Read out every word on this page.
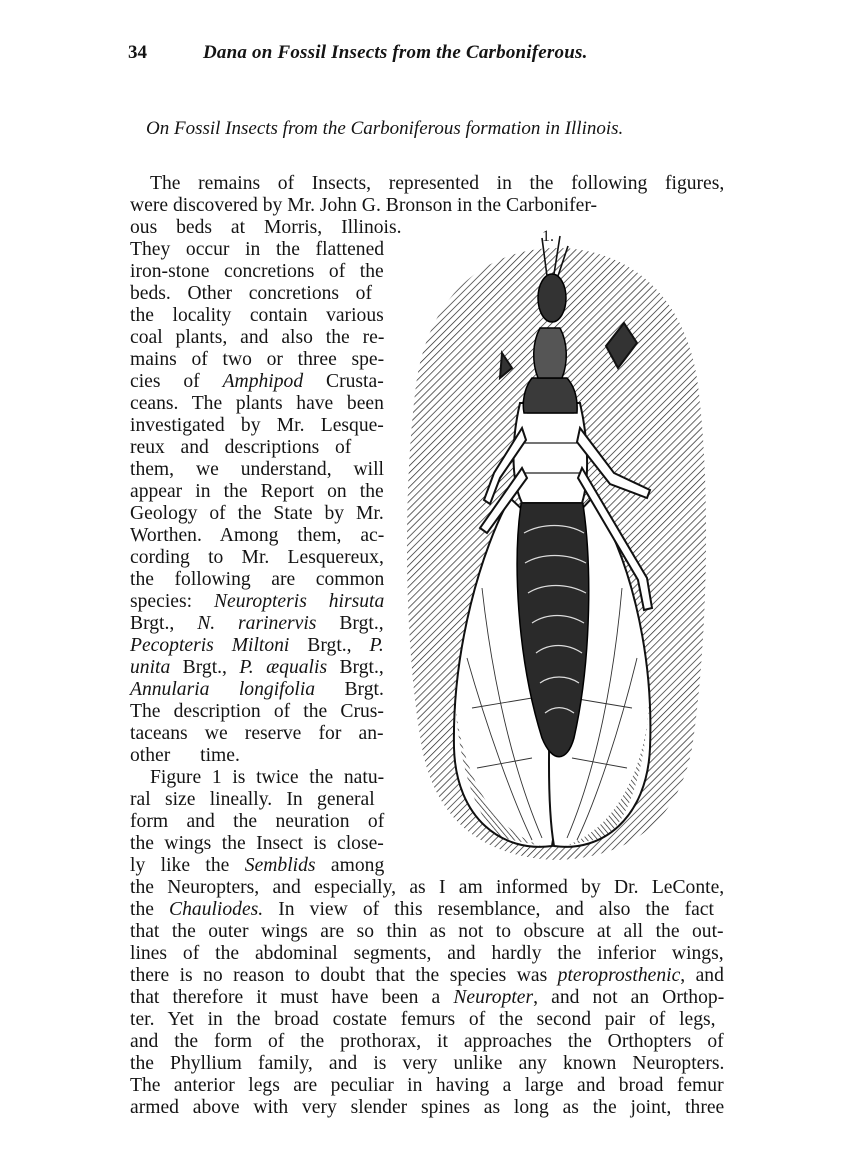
34	Dana on Fossil Insects from the Carboniferous.
On Fossil Insects from the Carboniferous formation in Illinois.
The remains of Insects, represented in the following figures,
were discovered by Mr. John G. Bronson in the Carbonifer-
ous beds at Morris, Illinois.
They occur in the flattened
iron-stone concretions of the
beds. Other concretions of
the locality contain various
coal plants, and also the re-
mains of two or three spe-
cies of Amphipod Crusta-
ceans. The plants have been
investigated by Mr. Lesque-
reux and descriptions of
them, we understand, will
appear in the Report on the
Geology of the State by Mr.
Worthen. Among them, ac-
cording to Mr. Lesquereux,
the following are common
species: Neuropteris hirsuta
Brgt., N. rarinervis Brgt.,
Pecopteris Miltoni Brgt., P.
unita Brgt., P. æqualis Brgt.,
Annularia longifolia Brgt.
The description of the Crus-
taceans we reserve for an-
other time.
Figure 1 is twice the natu-
ral size lineally. In general
form and the neuration of
the wings the Insect is close-
ly like the Semblids among
the Neuropters, and especially, as I am informed by Dr. LeConte,
the Chauliodes. In view of this resemblance, and also the fact
that the outer wings are so thin as not to obscure at all the out-
lines of the abdominal segments, and hardly the inferior wings,
there is no reason to doubt that the species was pteroprosthenic, and
that therefore it must have been a Neuropter, and not an Orthop-
ter. Yet in the broad costate femurs of the second pair of legs,
and the form of the prothorax, it approaches the Orthopters of
the Phyllium family, and is very unlike any known Neuropters.
The anterior legs are peculiar in having a large and broad femur
armed above with very slender spines as long as the joint, three
1.
